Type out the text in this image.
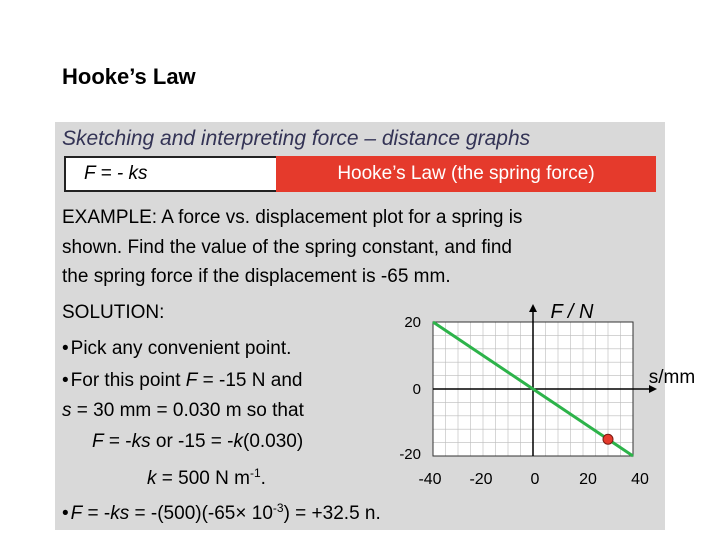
Hooke’s Law
Sketching and interpreting force – distance graphs
F = - ks	Hooke’s Law (the spring force)
EXAMPLE: A force vs. displacement plot for a spring is
shown. Find the value of the spring constant, and find
the spring force if the displacement is -65 mm.
SOLUTION:
• Pick any convenient point.
• For this point F = -15 N and
s = 30 mm = 0.030 m so that
F = -ks or -15 = -k(0.030)
k = 500 N $m^{-1}$.
• $F = -ks = -(500)(-65\times 10^{-3}) = +32.5$ n.
20
0
-20
-40 -20 0 20 40
F / N
s/mm
